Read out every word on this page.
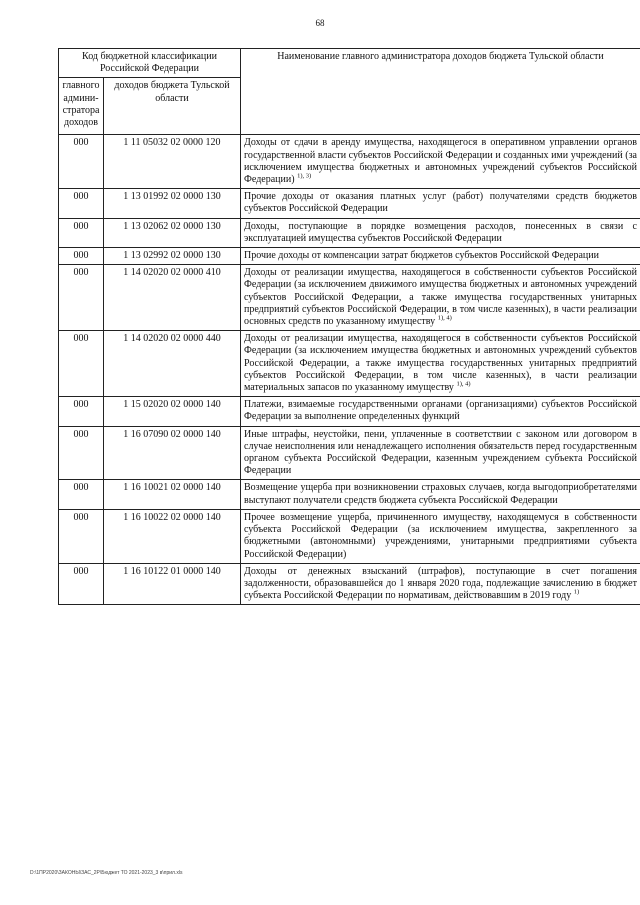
68
Код бюджетной классификации Российской Федерации		Наименование главного администратора доходов бюджета Тульской области
главного админи-стратора доходов	доходов бюджета Тульской области	
000	1 11 05032 02 0000 120	Доходы от сдачи в аренду имущества, находящегося в оперативном управлении органов государственной власти субъектов Российской Федерации и созданных ими учреждений (за исключением имущества бюджетных и автономных учреждений субъектов Российской Федерации) $^{1), 3)}$
000	1 13 01992 02 0000 130	Прочие доходы от оказания платных услуг (работ) получателями средств бюджетов субъектов Российской Федерации
000	1 13 02062 02 0000 130	Доходы, поступающие в порядке возмещения расходов, понесенных в связи с эксплуатацией имущества субъектов Российской Федерации
000	1 13 02992 02 0000 130	Прочие доходы от компенсации затрат бюджетов субъектов Российской Федерации
000	1 14 02020 02 0000 410	Доходы от реализации имущества, находящегося в собственности субъектов Российской Федерации (за исключением движимого имущества бюджетных и автономных учреждений субъектов Российской Федерации, а также имущества государственных унитарных предприятий субъектов Российской Федерации, в том числе казенных), в части реализации основных средств по указанному имуществу $^{1), 4)}$
000	1 14 02020 02 0000 440	Доходы от реализации имущества, находящегося в собственности субъектов Российской Федерации (за исключением имущества бюджетных и автономных учреждений субъектов Российской Федерации, а также имущества государственных унитарных предприятий субъектов Российской Федерации, в том числе казенных), в части реализации материальных запасов по указанному имуществу $^{1), 4)}$
000	1 15 02020 02 0000 140	Платежи, взимаемые государственными органами (организациями) субъектов Российской Федерации за выполнение определенных функций
000	1 16 07090 02 0000 140	Иные штрафы, неустойки, пени, уплаченные в соответствии с законом или договором в случае неисполнения или ненадлежащего исполнения обязательств перед государственным органом субъекта Российской Федерации, казенным учреждением субъекта Российской Федерации
000	1 16 10021 02 0000 140	Возмещение ущерба при возникновении страховых случаев, когда выгодоприобретателями выступают получатели средств бюджета субъекта Российской Федерации
000	1 16 10022 02 0000 140	Прочее возмещение ущерба, причиненного имуществу, находящемуся в собственности субъекта Российской Федерации (за исключением имущества, закрепленного за бюджетными (автономными) учреждениями, унитарными предприятиями субъекта Российской Федерации)
000	1 16 10122 01 0000 140	Доходы от денежных взысканий (штрафов), поступающие в счет погашения задолженности, образовавшейся до 1 января 2020 года, подлежащие зачислению в бюджет субъекта Российской Федерации по нормативам, действовавшим в 2019 году $^{1)}$
D:\1ПР2020\ЗАКОНЫ\ЗАС_2Р\Бюджет ТО 2021-2023_3 в\прил.xls
